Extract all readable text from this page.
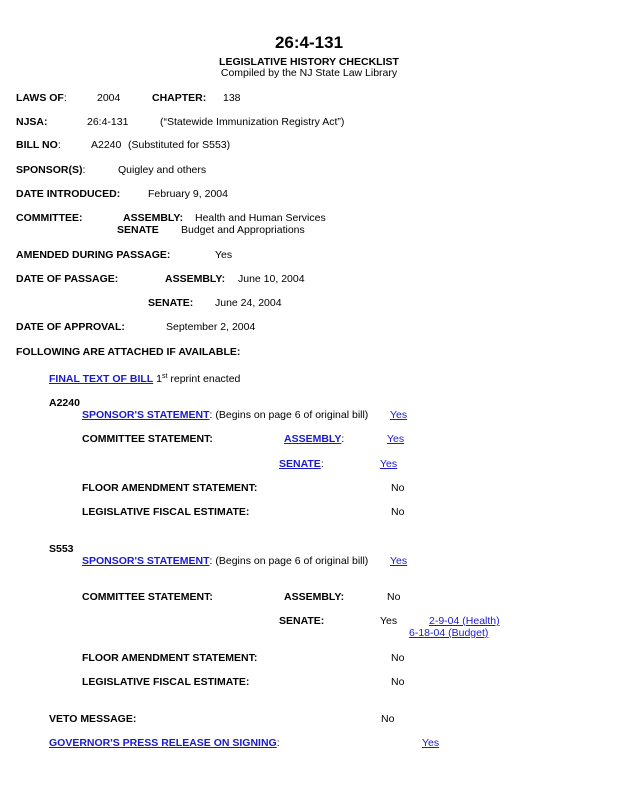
26:4-131
LEGISLATIVE HISTORY CHECKLIST
Compiled by the NJ State Law Library
LAWS OF:	2004	CHAPTER: 138
NJSA:	26:4-131	(“Statewide Immunization Registry Act”)
BILL NO:	A2240 (Substituted for S553)
SPONSOR(S):	Quigley and others
DATE INTRODUCED:	February 9, 2004
COMMITTEE:	ASSEMBLY: Health and Human Services
SENATE Budget and Appropriations
AMENDED DURING PASSAGE:	Yes
DATE OF PASSAGE:	ASSEMBLY: June 10, 2004
SENATE: June 24, 2004
DATE OF APPROVAL:	September 2, 2004
FOLLOWING ARE ATTACHED IF AVAILABLE:
FINAL TEXT OF BILL 1st reprint enacted
A2240
SPONSOR'S STATEMENT: (Begins on page 6 of original bill) Yes
COMMITTEE STATEMENT:	ASSEMBLY:	Yes
SENATE:	Yes
FLOOR AMENDMENT STATEMENT:	No
LEGISLATIVE FISCAL ESTIMATE:	No
S553
SPONSOR'S STATEMENT: (Begins on page 6 of original bill) Yes
COMMITTEE STATEMENT:	ASSEMBLY:	No
SENATE:	Yes	2-9-04 (Health)
6-18-04 (Budget)
FLOOR AMENDMENT STATEMENT:	No
LEGISLATIVE FISCAL ESTIMATE:	No
VETO MESSAGE:	No
GOVERNOR'S PRESS RELEASE ON SIGNING:	Yes
